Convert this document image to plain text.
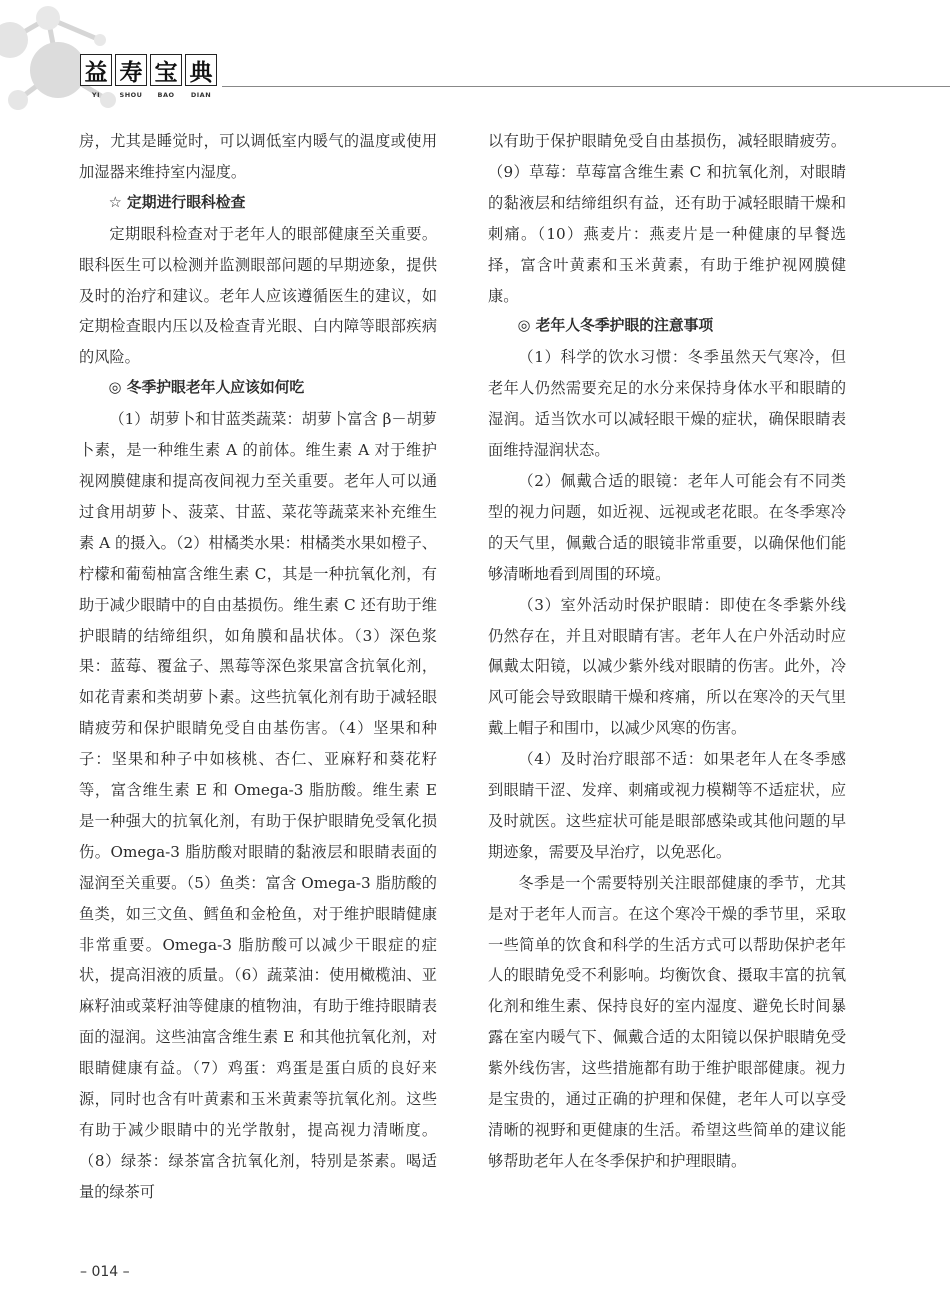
益 寿 宝 典
YI	SHOU	BAO	DIAN

房，尤其是睡觉时，可以调低室内暖气的温度或使用加湿器来维持室内湿度。

☆ 定期进行眼科检查

定期眼科检查对于老年人的眼部健康至关重要。眼科医生可以检测并监测眼部问题的早期迹象，提供及时的治疗和建议。老年人应该遵循医生的建议，如定期检查眼内压以及检查青光眼、白内障等眼部疾病的风险。

◎ 冬季护眼老年人应该如何吃

（1）胡萝卜和甘蓝类蔬菜：胡萝卜富含 β－胡萝卜素，是一种维生素 A 的前体。维生素 A 对于维护视网膜健康和提高夜间视力至关重要。老年人可以通过食用胡萝卜、菠菜、甘蓝、菜花等蔬菜来补充维生素 A 的摄入。（2）柑橘类水果：柑橘类水果如橙子、柠檬和葡萄柚富含维生素 C，其是一种抗氧化剂，有助于减少眼睛中的自由基损伤。维生素 C 还有助于维护眼睛的结缔组织，如角膜和晶状体。（3）深色浆果：蓝莓、覆盆子、黑莓等深色浆果富含抗氧化剂，如花青素和类胡萝卜素。这些抗氧化剂有助于减轻眼睛疲劳和保护眼睛免受自由基伤害。（4）坚果和种子：坚果和种子中如核桃、杏仁、亚麻籽和葵花籽等，富含维生素 E 和 Omega-3 脂肪酸。维生素 E 是一种强大的抗氧化剂，有助于保护眼睛免受氧化损伤。Omega-3 脂肪酸对眼睛的黏液层和眼睛表面的湿润至关重要。（5）鱼类：富含 Omega-3 脂肪酸的鱼类，如三文鱼、鳕鱼和金枪鱼，对于维护眼睛健康非常重要。Omega-3 脂肪酸可以减少干眼症的症状，提高泪液的质量。（6）蔬菜油：使用橄榄油、亚麻籽油或菜籽油等健康的植物油，有助于维持眼睛表面的湿润。这些油富含维生素 E 和其他抗氧化剂，对眼睛健康有益。（7）鸡蛋：鸡蛋是蛋白质的良好来源，同时也含有叶黄素和玉米黄素等抗氧化剂。这些有助于减少眼睛中的光学散射，提高视力清晰度。（8）绿茶：绿茶富含抗氧化剂，特别是茶素。喝适量的绿茶可

以有助于保护眼睛免受自由基损伤，减轻眼睛疲劳。（9）草莓：草莓富含维生素 C 和抗氧化剂，对眼睛的黏液层和结缔组织有益，还有助于减轻眼睛干燥和刺痛。（10）燕麦片：燕麦片是一种健康的早餐选择，富含叶黄素和玉米黄素，有助于维护视网膜健康。

◎ 老年人冬季护眼的注意事项

（1）科学的饮水习惯：冬季虽然天气寒冷，但老年人仍然需要充足的水分来保持身体水平和眼睛的湿润。适当饮水可以减轻眼干燥的症状，确保眼睛表面维持湿润状态。

（2）佩戴合适的眼镜：老年人可能会有不同类型的视力问题，如近视、远视或老花眼。在冬季寒冷的天气里，佩戴合适的眼镜非常重要，以确保他们能够清晰地看到周围的环境。

（3）室外活动时保护眼睛：即使在冬季紫外线仍然存在，并且对眼睛有害。老年人在户外活动时应佩戴太阳镜，以减少紫外线对眼睛的伤害。此外，冷风可能会导致眼睛干燥和疼痛，所以在寒冷的天气里戴上帽子和围巾，以减少风寒的伤害。

（4）及时治疗眼部不适：如果老年人在冬季感到眼睛干涩、发痒、刺痛或视力模糊等不适症状，应及时就医。这些症状可能是眼部感染或其他问题的早期迹象，需要及早治疗，以免恶化。

冬季是一个需要特别关注眼部健康的季节，尤其是对于老年人而言。在这个寒冷干燥的季节里，采取一些简单的饮食和科学的生活方式可以帮助保护老年人的眼睛免受不利影响。均衡饮食、摄取丰富的抗氧化剂和维生素、保持良好的室内湿度、避免长时间暴露在室内暖气下、佩戴合适的太阳镜以保护眼睛免受紫外线伤害，这些措施都有助于维护眼部健康。视力是宝贵的，通过正确的护理和保健，老年人可以享受清晰的视野和更健康的生活。希望这些简单的建议能够帮助老年人在冬季保护和护理眼睛。

– 014 –
